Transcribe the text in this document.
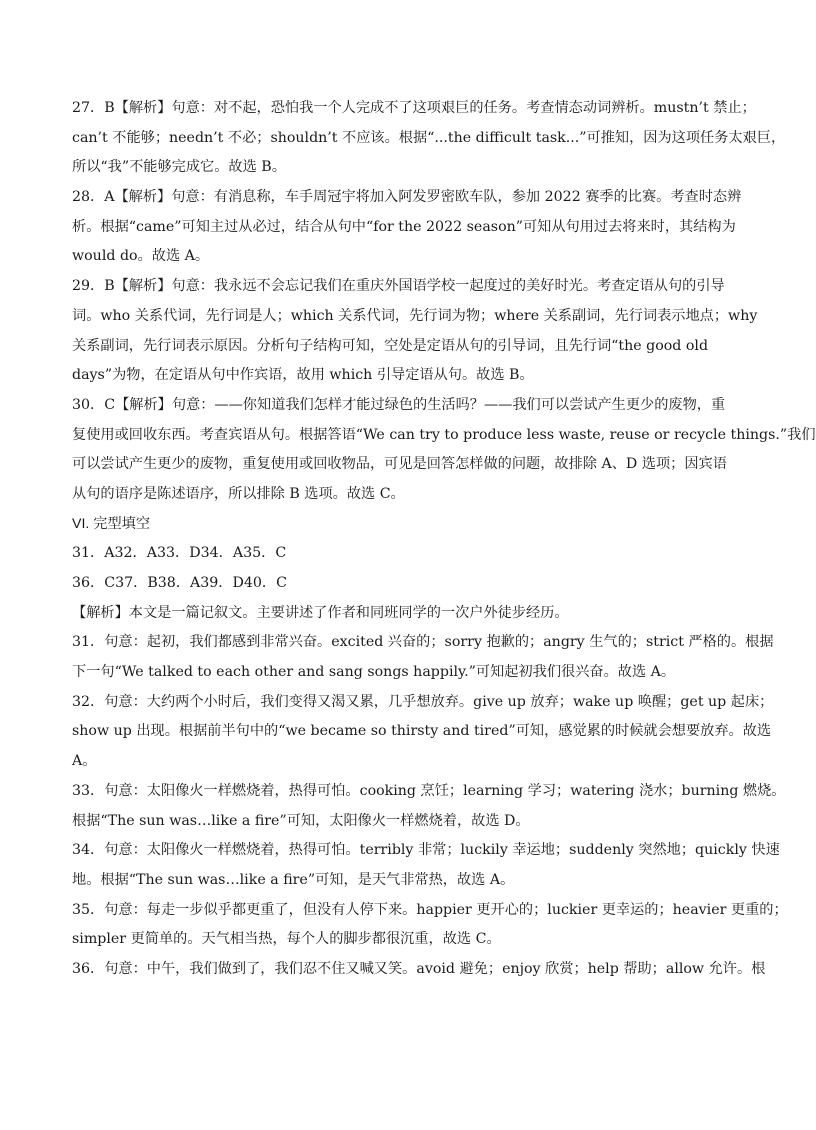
27．B【解析】句意：对不起，恐怕我一个人完成不了这项艰巨的任务。考查情态动词辨析。mustn’t 禁止；
can’t 不能够；needn’t 不必；shouldn’t 不应该。根据“...the difficult task...”可推知，因为这项任务太艰巨，
所以“我”不能够完成它。故选 B。
28．A【解析】句意：有消息称，车手周冠宇将加入阿发罗密欧车队，参加 2022 赛季的比赛。考查时态辨
析。根据“came”可知主过从必过，结合从句中“for the 2022 season”可知从句用过去将来时，其结构为
would do。故选 A。
29．B【解析】句意：我永远不会忘记我们在重庆外国语学校一起度过的美好时光。考查定语从句的引导
词。who 关系代词，先行词是人；which 关系代词，先行词为物；where 关系副词，先行词表示地点；why
关系副词，先行词表示原因。分析句子结构可知，空处是定语从句的引导词，且先行词“the good old
days”为物，在定语从句中作宾语，故用 which 引导定语从句。故选 B。
30．C【解析】句意：——你知道我们怎样才能过绿色的生活吗？——我们可以尝试产生更少的废物，重
复使用或回收东西。考查宾语从句。根据答语“We can try to produce less waste, reuse or recycle things.”我们
可以尝试产生更少的废物，重复使用或回收物品，可见是回答怎样做的问题，故排除 A、D 选项；因宾语
从句的语序是陈述语序，所以排除 B 选项。故选 C。
VI. 完型填空
31．A32．A33．D34．A35．C
36．C37．B38．A39．D40．C
【解析】本文是一篇记叙文。主要讲述了作者和同班同学的一次户外徒步经历。
31．句意：起初，我们都感到非常兴奋。excited 兴奋的；sorry 抱歉的；angry 生气的；strict 严格的。根据
下一句“We talked to each other and sang songs happily.”可知起初我们很兴奋。故选 A。
32．句意：大约两个小时后，我们变得又渴又累，几乎想放弃。give up 放弃；wake up 唤醒；get up 起床；
show up 出现。根据前半句中的“we became so thirsty and tired”可知，感觉累的时候就会想要放弃。故选
A。
33．句意：太阳像火一样燃烧着，热得可怕。cooking 烹饪；learning 学习；watering 浇水；burning 燃烧。
根据“The sun was…like a fire”可知，太阳像火一样燃烧着，故选 D。
34．句意：太阳像火一样燃烧着，热得可怕。terribly 非常；luckily 幸运地；suddenly 突然地；quickly 快速
地。根据“The sun was…like a fire”可知，是天气非常热，故选 A。
35．句意：每走一步似乎都更重了，但没有人停下来。happier 更开心的；luckier 更幸运的；heavier 更重的；
simpler 更简单的。天气相当热，每个人的脚步都很沉重，故选 C。
36．句意：中午，我们做到了，我们忍不住又喊又笑。avoid 避免；enjoy 欣赏；help 帮助；allow 允许。根
